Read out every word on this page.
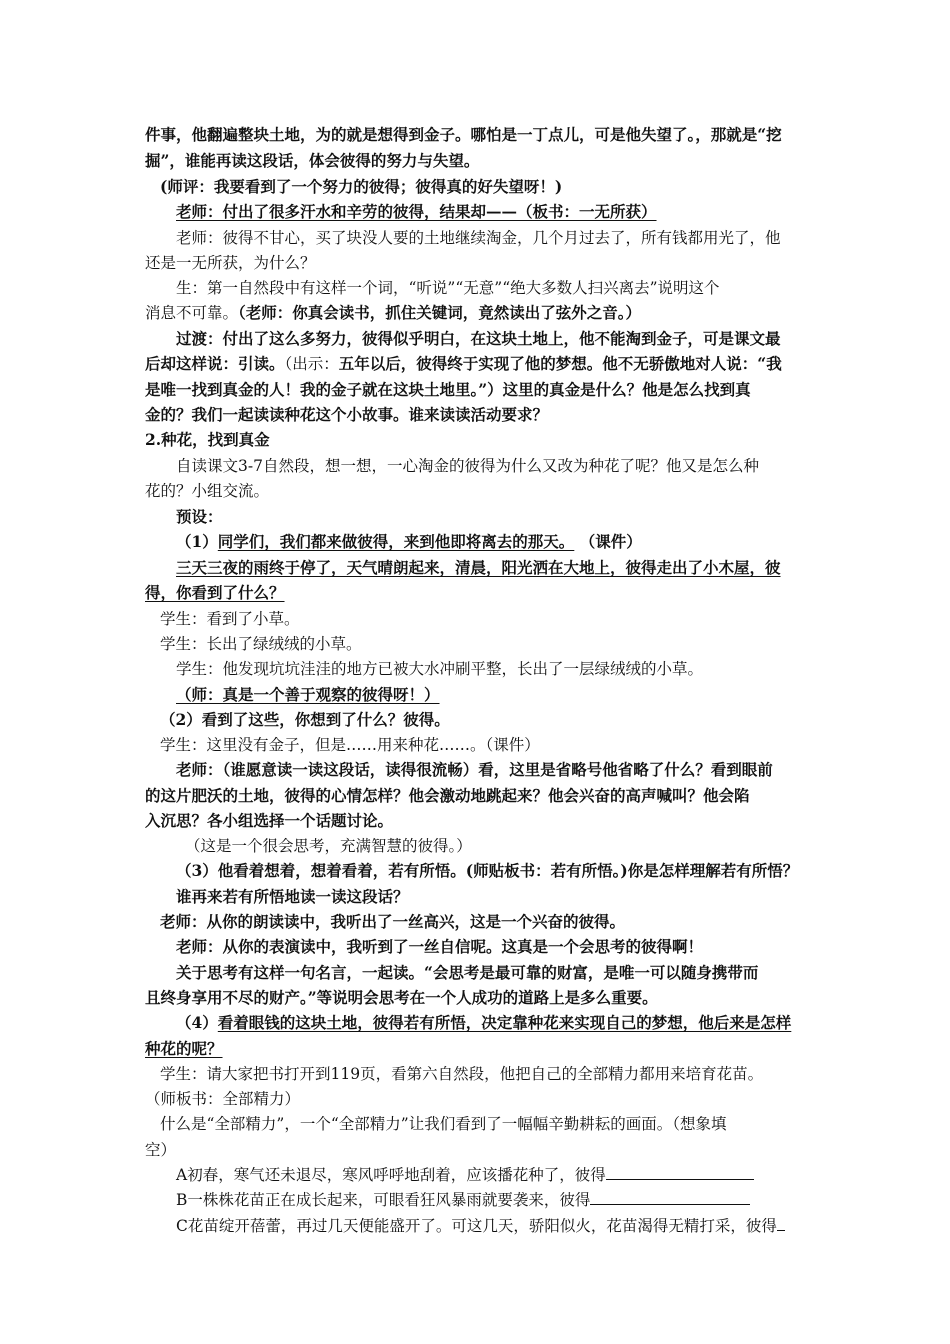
件事，他翻遍整块土地，为的就是想得到金子。哪怕是一丁点儿，可是他失望了。，那就是“挖
掘”，谁能再读这段话，体会彼得的努力与失望。
(师评：我要看到了一个努力的彼得；彼得真的好失望呀！)
老师：付出了很多汗水和辛劳的彼得，结果却——（板书：一无所获）
老师：彼得不甘心，买了块没人要的土地继续淘金，几个月过去了，所有钱都用光了，他
还是一无所获，为什么？
生：第一自然段中有这样一个词，“听说”“无意”“绝大多数人扫兴离去”说明这个
消息不可靠。（老师：你真会读书，抓住关键词，竟然读出了弦外之音。）
过渡：付出了这么多努力，彼得似乎明白，在这块土地上，他不能淘到金子，可是课文最
后却这样说：引读。（出示：五年以后，彼得终于实现了他的梦想。他不无骄傲地对人说：“我
是唯一找到真金的人！我的金子就在这块土地里。”）这里的真金是什么？他是怎么找到真
金的？我们一起读读种花这个小故事。谁来读读活动要求？
2.种花，找到真金
自读课文3-7自然段，想一想，一心淘金的彼得为什么又改为种花了呢？他又是怎么种
花的？小组交流。
预设：
（1）同学们，我们都来做彼得，来到他即将离去的那天。 （课件）
三天三夜的雨终于停了，天气晴朗起来，清晨，阳光洒在大地上，彼得走出了小木屋，彼
得，你看到了什么？
学生：看到了小草。
学生：长出了绿绒绒的小草。
学生：他发现坑坑洼洼的地方已被大水冲刷平整，长出了一层绿绒绒的小草。
（师：真是一个善于观察的彼得呀！）
（2）看到了这些，你想到了什么？彼得。
学生：这里没有金子，但是……用来种花……。（课件）
老师：（谁愿意读一读这段话，读得很流畅）看，这里是省略号他省略了什么？看到眼前
的这片肥沃的土地，彼得的心情怎样？他会激动地跳起来？他会兴奋的高声喊叫？他会陷
入沉思？各小组选择一个话题讨论。
（这是一个很会思考，充满智慧的彼得。）
（3）他看着想着，想着看着，若有所悟。(师贴板书：若有所悟。)你是怎样理解若有所悟？
谁再来若有所悟地读一读这段话？
老师：从你的朗读读中，我听出了一丝高兴，这是一个兴奋的彼得。
老师：从你的表演读中，我听到了一丝自信呢。这真是一个会思考的彼得啊！
关于思考有这样一句名言，一起读。“会思考是最可靠的财富，是唯一可以随身携带而
且终身享用不尽的财产。”等说明会思考在一个人成功的道路上是多么重要。
（4）看着眼钱的这块土地，彼得若有所悟，决定靠种花来实现自己的梦想，他后来是怎样
种花的呢？
学生：请大家把书打开到119页，看第六自然段，他把自己的全部精力都用来培育花苗。
（师板书：全部精力）
什么是“全部精力”，一个“全部精力”让我们看到了一幅幅辛勤耕耘的画面。（想象填
空）
A初春，寒气还未退尽，寒风呼呼地刮着，应该播花种了，彼得
B一株株花苗正在成长起来，可眼看狂风暴雨就要袭来，彼得
C花苗绽开蓓蕾，再过几天便能盛开了。可这几天，骄阳似火，花苗渴得无精打采，彼得
